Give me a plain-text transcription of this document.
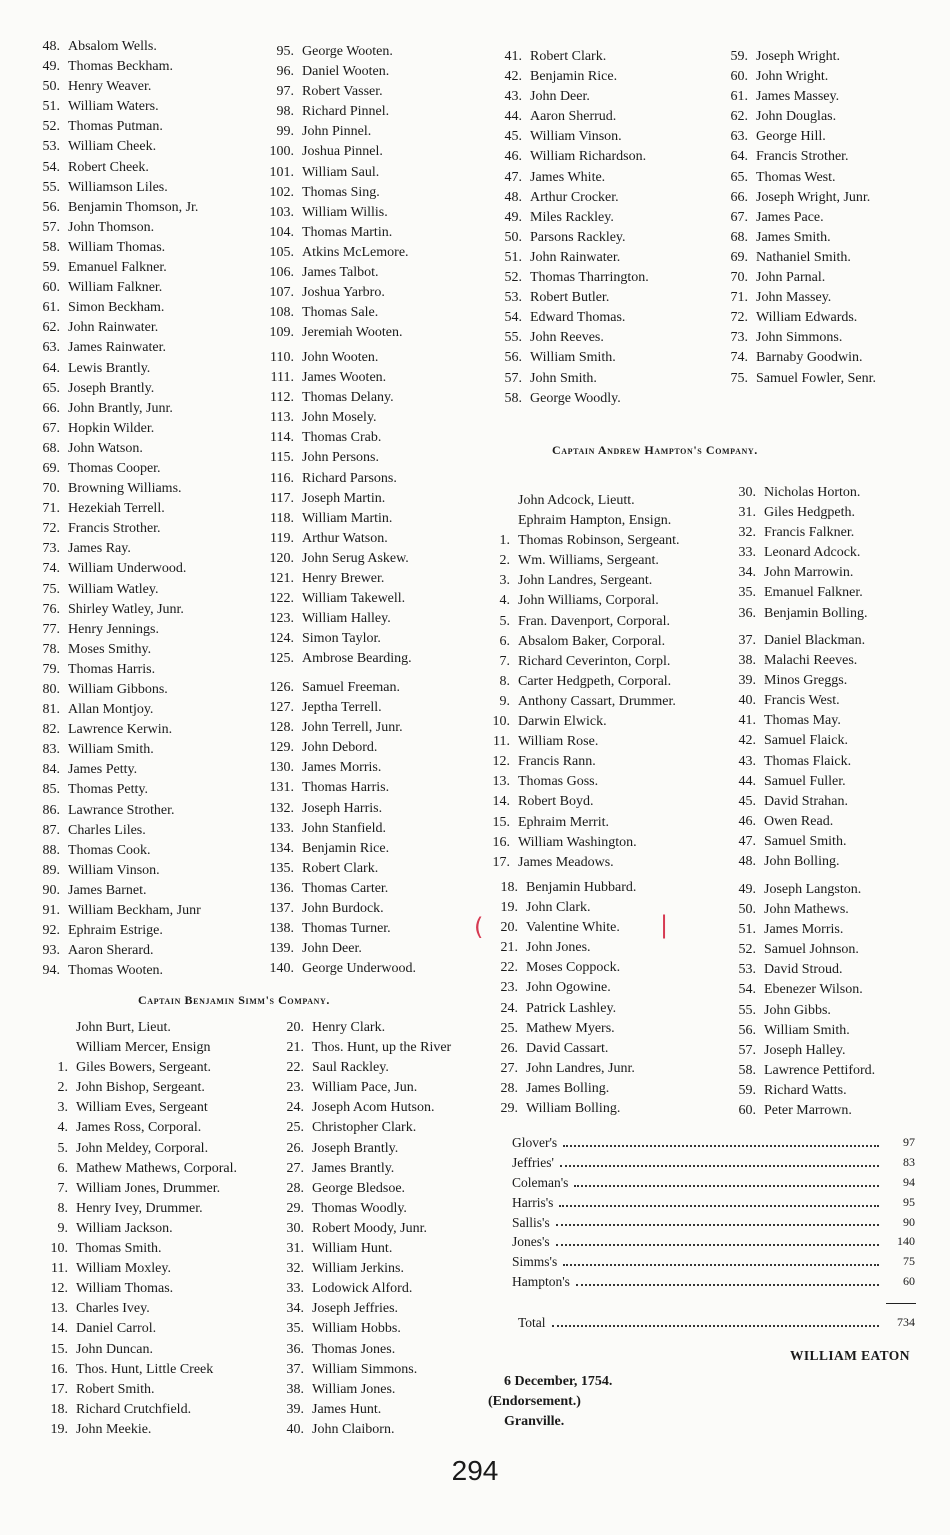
48. Absalom Wells.
49. Thomas Beckham.
50. Henry Weaver.
51. William Waters.
52. Thomas Putman.
53. William Cheek.
54. Robert Cheek.
55. Williamson Liles.
56. Benjamin Thomson, Jr.
57. John Thomson.
58. William Thomas.
59. Emanuel Falkner.
60. William Falkner.
61. Simon Beckham.
62. John Rainwater.
63. James Rainwater.
64. Lewis Brantly.
65. Joseph Brantly.
66. John Brantly, Junr.
67. Hopkin Wilder.
68. John Watson.
69. Thomas Cooper.
70. Browning Williams.
71. Hezekiah Terrell.
72. Francis Strother.
73. James Ray.
74. William Underwood.
75. William Watley.
76. Shirley Watley, Junr.
77. Henry Jennings.
78. Moses Smithy.
79. Thomas Harris.
80. William Gibbons.
81. Allan Montjoy.
82. Lawrence Kerwin.
83. William Smith.
84. James Petty.
85. Thomas Petty.
86. Lawrance Strother.
87. Charles Liles.
88. Thomas Cook.
89. William Vinson.
90. James Barnet.
91. William Beckham, Junr
92. Ephraim Estrige.
93. Aaron Sherard.
94. Thomas Wooten.
95. George Wooten.
96. Daniel Wooten.
97. Robert Vasser.
98. Richard Pinnel.
99. John Pinnel.
100. Joshua Pinnel.
101. William Saul.
102. Thomas Sing.
103. William Willis.
104. Thomas Martin.
105. Atkins McLemore.
106. James Talbot.
107. Joshua Yarbro.
108. Thomas Sale.
109. Jeremiah Wooten.
110. John Wooten.
111. James Wooten.
112. Thomas Delany.
113. John Mosely.
114. Thomas Crab.
115. John Persons.
116. Richard Parsons.
117. Joseph Martin.
118. William Martin.
119. Arthur Watson.
120. John Serug Askew.
121. Henry Brewer.
122. William Takewell.
123. William Halley.
124. Simon Taylor.
125. Ambrose Bearding.
126. Samuel Freeman.
127. Jeptha Terrell.
128. John Terrell, Junr.
129. John Debord.
130. James Morris.
131. Thomas Harris.
132. Joseph Harris.
133. John Stanfield.
134. Benjamin Rice.
135. Robert Clark.
136. Thomas Carter.
137. John Burdock.
138. Thomas Turner.
139. John Deer.
140. George Underwood.
Captain Benjamin Simm's Company.
John Burt, Lieut.
William Mercer, Ensign
1. Giles Bowers, Sergeant.
2. John Bishop, Sergeant.
3. William Eves, Sergeant
4. James Ross, Corporal.
5. John Meldey, Corporal.
6. Mathew Mathews, Corporal.
7. William Jones, Drummer.
8. Henry Ivey, Drummer.
9. William Jackson.
10. Thomas Smith.
11. William Moxley.
12. William Thomas.
13. Charles Ivey.
14. Daniel Carrol.
15. John Duncan.
16. Thos. Hunt, Little Creek
17. Robert Smith.
18. Richard Crutchfield.
19. John Meekie.
20. Henry Clark.
21. Thos. Hunt, up the River
22. Saul Rackley.
23. William Pace, Jun.
24. Joseph Acom Hutson.
25. Christopher Clark.
26. Joseph Brantly.
27. James Brantly.
28. George Bledsoe.
29. Thomas Woodly.
30. Robert Moody, Junr.
31. William Hunt.
32. William Jerkins.
33. Lodowick Alford.
34. Joseph Jeffries.
35. William Hobbs.
36. Thomas Jones.
37. William Simmons.
38. William Jones.
39. James Hunt.
40. John Claiborn.
41. Robert Clark.
42. Benjamin Rice.
43. John Deer.
44. Aaron Sherrud.
45. William Vinson.
46. William Richardson.
47. James White.
48. Arthur Crocker.
49. Miles Rackley.
50. Parsons Rackley.
51. John Rainwater.
52. Thomas Tharrington.
53. Robert Butler.
54. Edward Thomas.
55. John Reeves.
56. William Smith.
57. John Smith.
58. George Woodly.
59. Joseph Wright.
60. John Wright.
61. James Massey.
62. John Douglas.
63. George Hill.
64. Francis Strother.
65. Thomas West.
66. Joseph Wright, Junr.
67. James Pace.
68. James Smith.
69. Nathaniel Smith.
70. John Parnal.
71. John Massey.
72. William Edwards.
73. John Simmons.
74. Barnaby Goodwin.
75. Samuel Fowler, Senr.
Captain Andrew Hampton's Company.
John Adcock, Lieutt.
Ephraim Hampton, Ensign.
1. Thomas Robinson, Sergeant.
2. Wm. Williams, Sergeant.
3. John Landres, Sergeant.
4. John Williams, Corporal.
5. Fran. Davenport, Corporal.
6. Absalom Baker, Corporal.
7. Richard Ceverinton, Corpl.
8. Carter Hedgpeth, Corporal.
9. Anthony Cassart, Drummer.
10. Darwin Elwick.
11. William Rose.
12. Francis Rann.
13. Thomas Goss.
14. Robert Boyd.
15. Ephraim Merrit.
16. William Washington.
17. James Meadows.
18. Benjamin Hubbard.
19. John Clark.
20. Valentine White.
21. John Jones.
22. Moses Coppock.
23. John Ogowine.
24. Patrick Lashley.
25. Mathew Myers.
26. David Cassart.
27. John Landres, Junr.
28. James Bolling.
29. William Bolling.
30. Nicholas Horton.
31. Giles Hedgpeth.
32. Francis Falkner.
33. Leonard Adcock.
34. John Marrowin.
35. Emanuel Falkner.
36. Benjamin Bolling.
37. Daniel Blackman.
38. Malachi Reeves.
39. Minos Greggs.
40. Francis West.
41. Thomas May.
42. Samuel Flaick.
43. Thomas Flaick.
44. Samuel Fuller.
45. David Strahan.
46. Owen Read.
47. Samuel Smith.
48. John Bolling.
49. Joseph Langston.
50. John Mathews.
51. James Morris.
52. Samuel Johnson.
53. David Stroud.
54. Ebenezer Wilson.
55. John Gibbs.
56. William Smith.
57. Joseph Halley.
58. Lawrence Pettiford.
59. Richard Watts.
60. Peter Marrown.
(	|
Glover's	97
Jeffries'	83
Coleman's	94
Harris's	95
Sallis's	90
Jones's	140
Simms's	75
Hampton's	60
Total	734
WILLIAM EATON
6 December, 1754.
(Endorsement.)
Granville.
294
